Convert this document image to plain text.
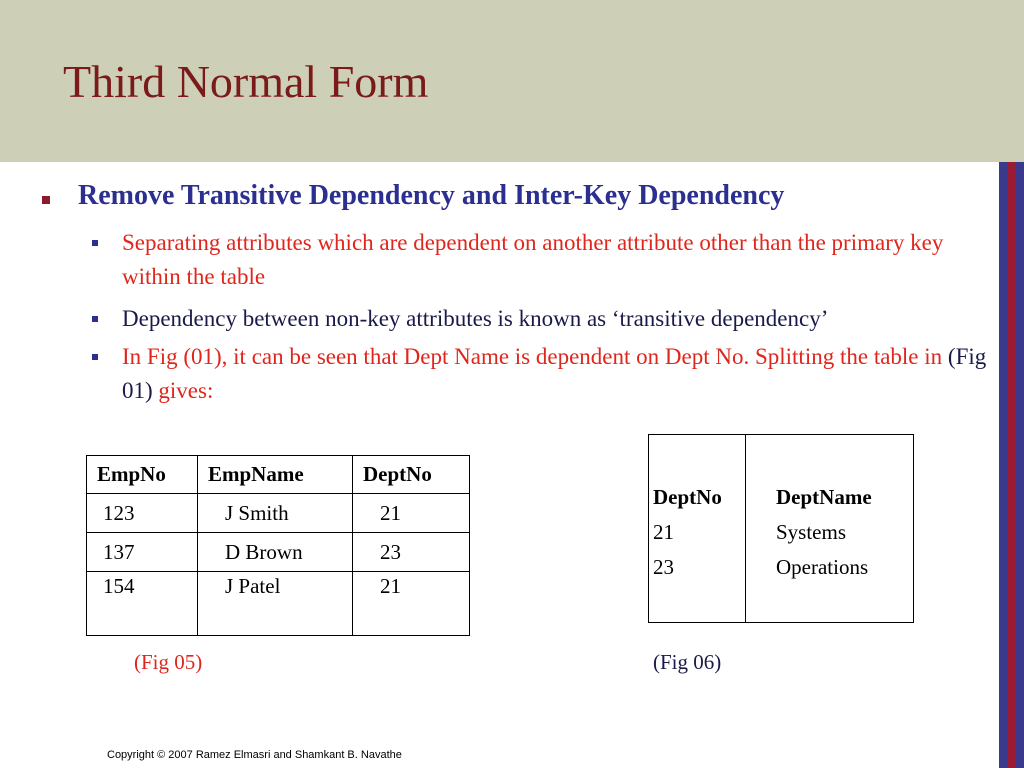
Third Normal Form
Remove Transitive Dependency and Inter-Key Dependency
Separating attributes which are dependent on another attribute other than the primary key within the table
Dependency between non-key attributes is known as ‘transitive dependency’
In Fig (01), it can be seen that Dept Name is dependent on Dept No. Splitting the table in (Fig 01) gives:
EmpNo	EmpName	DeptNo
123	J Smith	21
137	D Brown	23
154	J Patel	21
DeptNo	DeptName
21	Systems
23	Operations
(Fig 05)	(Fig 06)
Copyright © 2007 Ramez Elmasri and Shamkant B. Navathe
